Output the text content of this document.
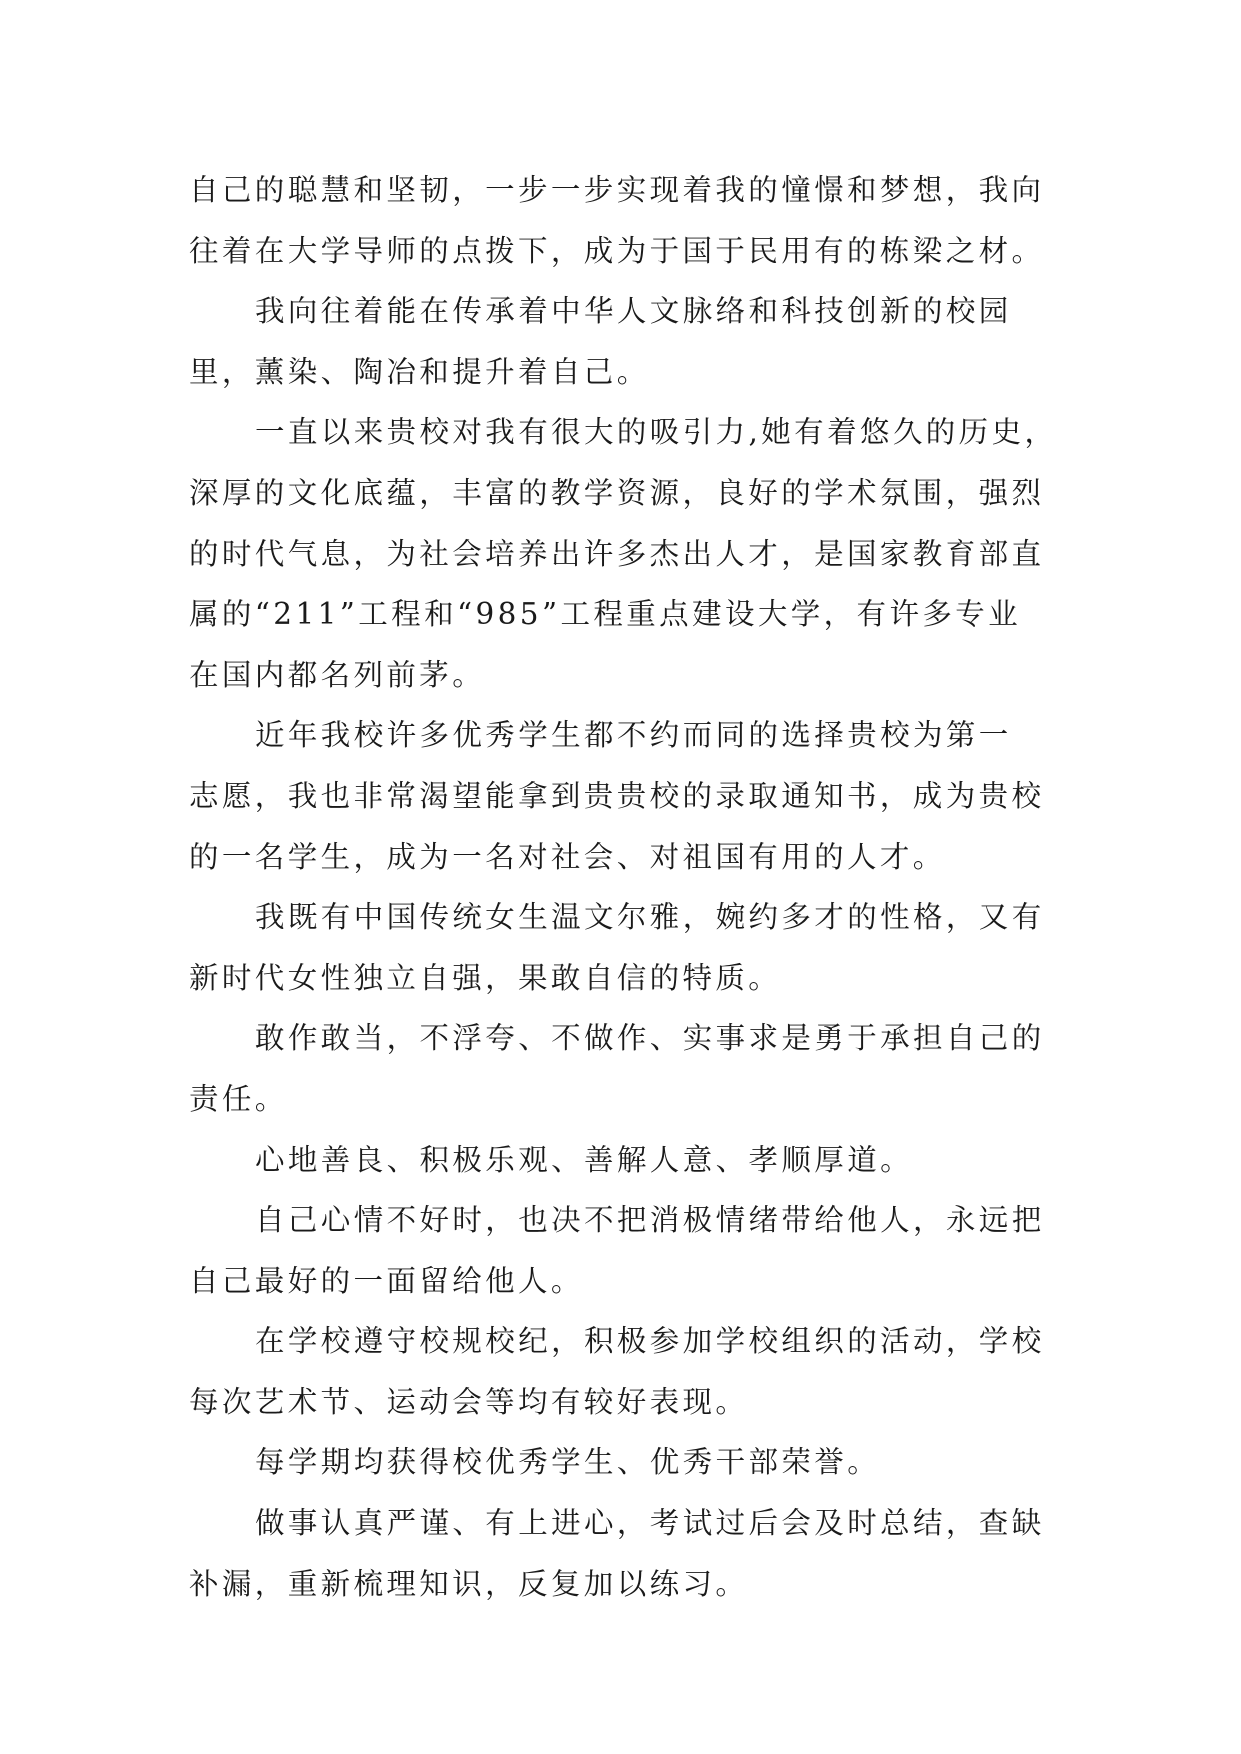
自己的聪慧和坚韧，一步一步实现着我的憧憬和梦想，我向
往着在大学导师的点拨下，成为于国于民用有的栋梁之材。
我向往着能在传承着中华人文脉络和科技创新的校园
里，薰染、陶冶和提升着自己。
一直以来贵校对我有很大的吸引力,她有着悠久的历史，
深厚的文化底蕴，丰富的教学资源，良好的学术氛围，强烈
的时代气息，为社会培养出许多杰出人才，是国家教育部直
属的“211”工程和“985”工程重点建设大学，有许多专业
在国内都名列前茅。
近年我校许多优秀学生都不约而同的选择贵校为第一
志愿，我也非常渴望能拿到贵贵校的录取通知书，成为贵校
的一名学生，成为一名对社会、对祖国有用的人才。
我既有中国传统女生温文尔雅，婉约多才的性格，又有
新时代女性独立自强，果敢自信的特质。
敢作敢当，不浮夸、不做作、实事求是勇于承担自己的
责任。
心地善良、积极乐观、善解人意、孝顺厚道。
自己心情不好时，也决不把消极情绪带给他人，永远把
自己最好的一面留给他人。
在学校遵守校规校纪，积极参加学校组织的活动，学校
每次艺术节、运动会等均有较好表现。
每学期均获得校优秀学生、优秀干部荣誉。
做事认真严谨、有上进心，考试过后会及时总结，查缺
补漏，重新梳理知识，反复加以练习。
